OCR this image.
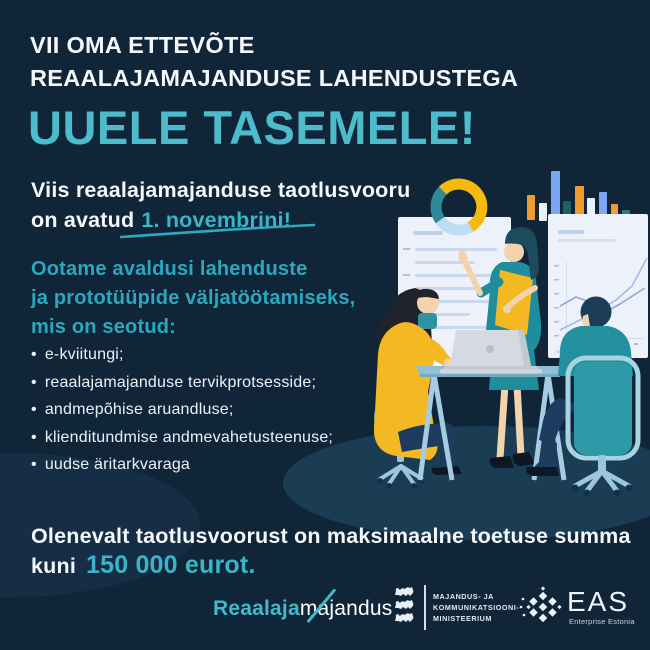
VII OMA ETTEVÕTE
REAALAJAMAJANDUSE LAHENDUSTEGA
UUELE TASEMELE!
Viis reaalajamajanduse taotlusvooru
on avatud 1. novembrini!
Ootame avaldusi lahenduste
ja prototüüpide väljatöötamiseks,
mis on seotud:
• e-kviitungi;
• reaalajamajanduse tervikprotsesside;
• andmepõhise aruandluse;
• klienditundmise andmevahetusteenuse;
• uudse äritarkvaraga
Olenevalt taotlusvoorust on maksimaalne toetuse summa
kuni 150 000 eurot.
Reaalajamajandus
MAJANDUS- JA
KOMMUNIKATSIOONI-
MINISTEERIUM
EAS
Enterprise Estonia
